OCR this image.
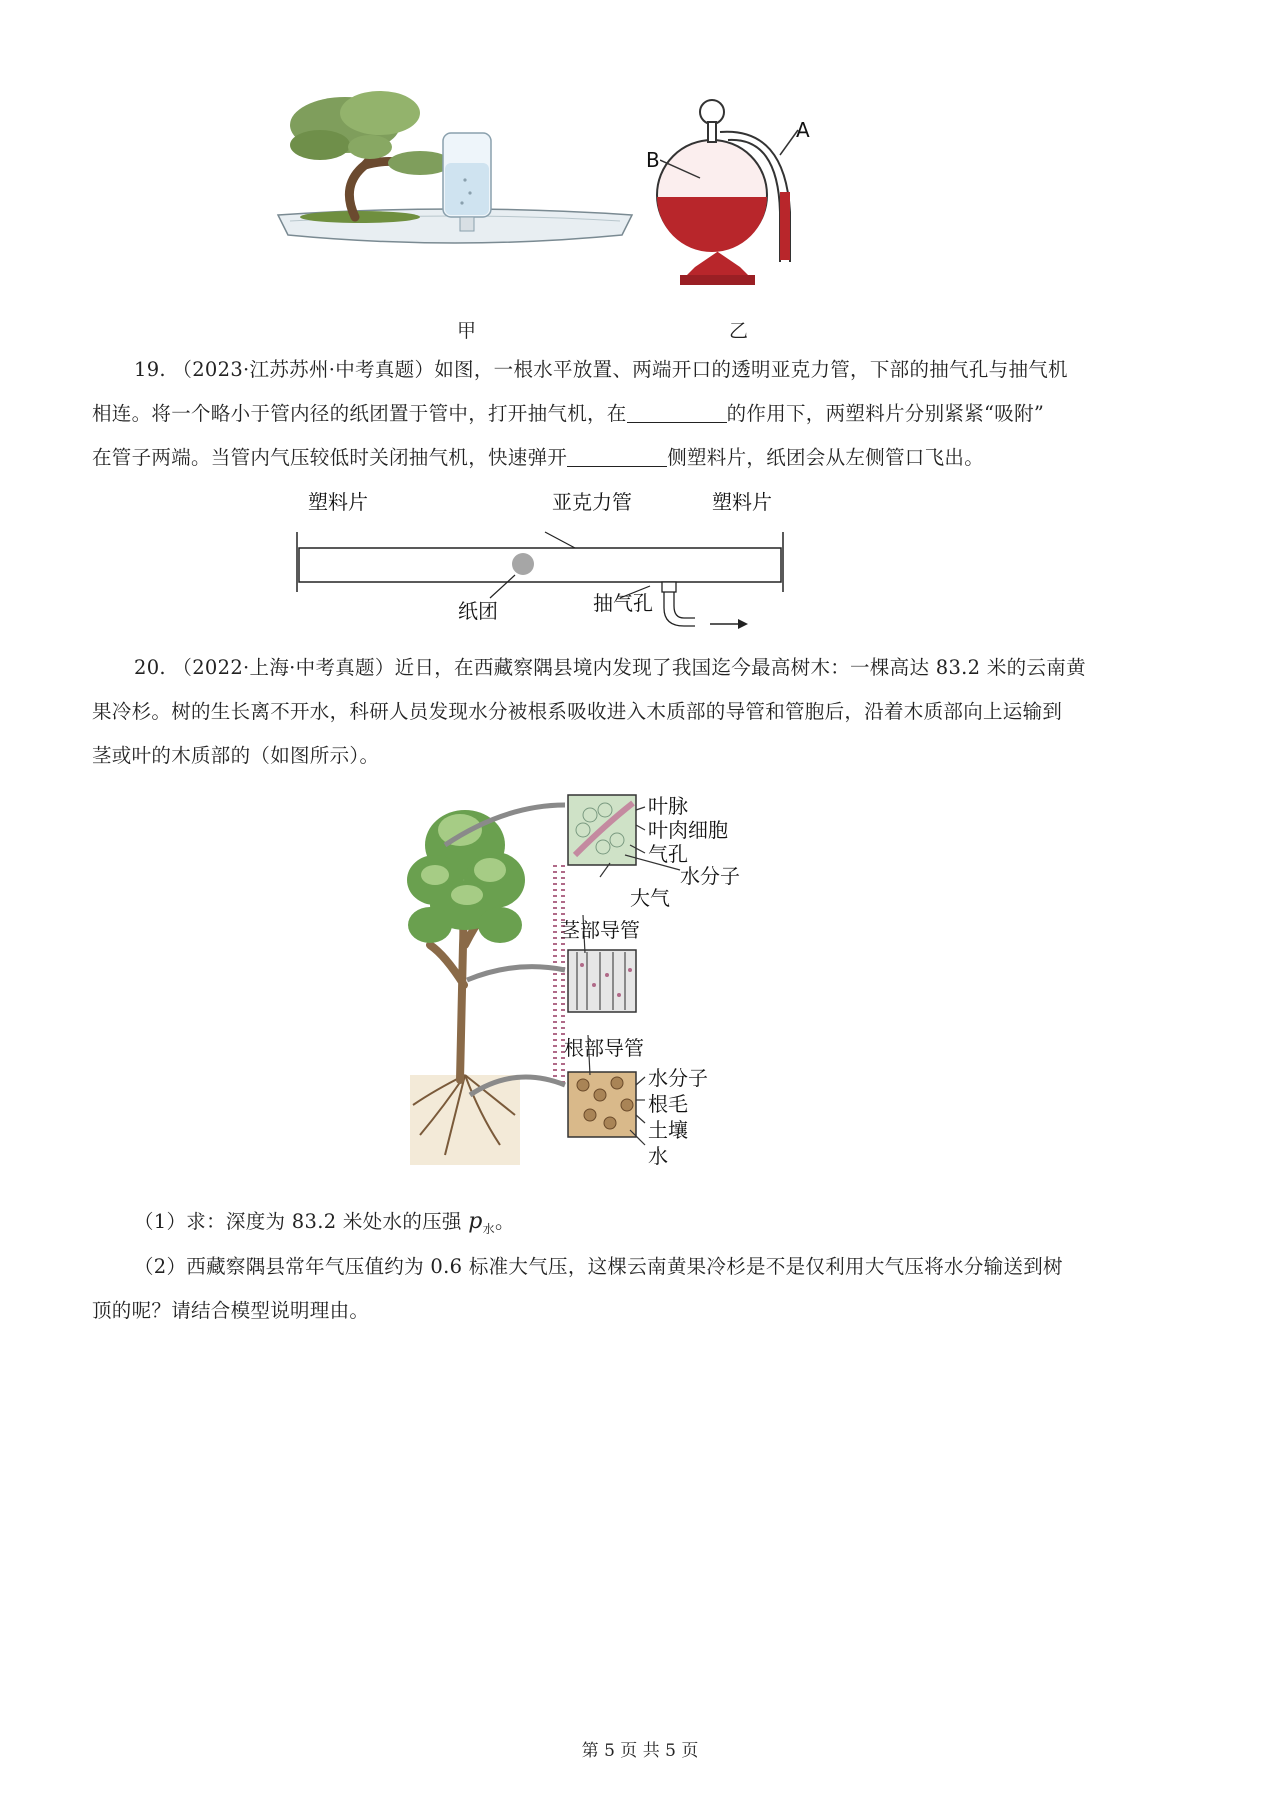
甲
A
B
乙
19. （2023·江苏苏州·中考真题）如图，一根水平放置、两端开口的透明亚克力管，下部的抽气孔与抽气机
相连。将一个略小于管内径的纸团置于管中，打开抽气机，在	的作用下，两塑料片分别紧紧“吸附”
在管子两端。当管内气压较低时关闭抽气机，快速弹开	侧塑料片，纸团会从左侧管口飞出。
塑料片	亚克力管	塑料片
纸团	抽气孔
20. （2022·上海·中考真题）近日，在西藏察隅县境内发现了我国迄今最高树木：一棵高达 83.2 米的云南黄
果冷杉。树的生长离不开水，科研人员发现水分被根系吸收进入木质部的导管和管胞后，沿着木质部向上运输到
茎或叶的木质部的（如图所示）。
叶脉
叶肉细胞
气孔
水分子
大气
茎部导管
根部导管
水分子
根毛
土壤
水
（1）求：深度为 83.2 米处水的压强 $p_水$。
（2）西藏察隅县常年气压值约为 0.6 标准大气压，这棵云南黄果冷杉是不是仅利用大气压将水分输送到树
顶的呢？请结合模型说明理由。
第 5 页 共 5 页
